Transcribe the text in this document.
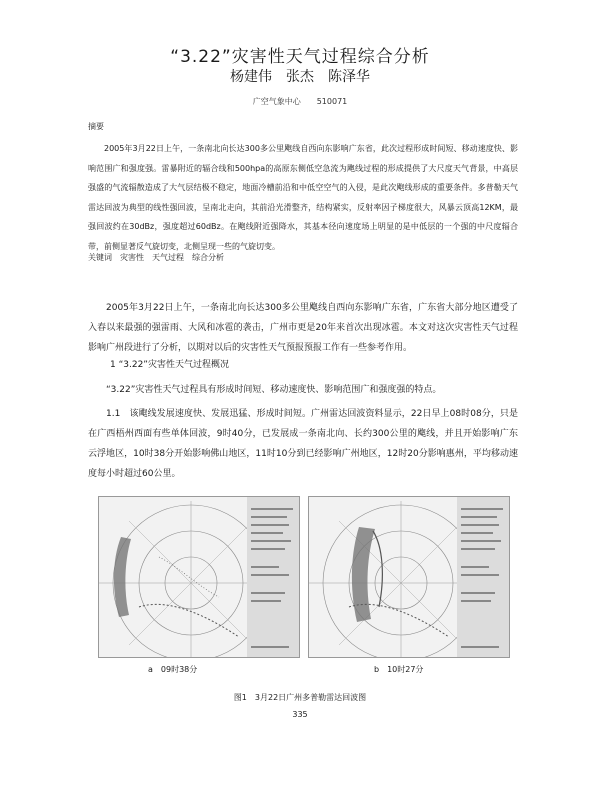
“3.22”灾害性天气过程综合分析
杨建伟　张杰　陈泽华
广空气象中心　　510071
摘要
2005年3月22日上午，一条南北向长达300多公里飑线自西向东影响广东省，此次过程形成时间短、移动速度快、影响范围广和强度强。雷暴附近的辐合线和500hpa的高原东侧低空急流为飑线过程的形成提供了大尺度天气背景，中高层强盛的气流辐散造成了大气层结极不稳定，地面冷槽前沿和中低空空气的入侵，是此次飑线形成的重要条件。多普勒天气雷达回波为典型的线性强回波，呈南北走向，其前沿光滑整齐，结构紧实，反射率因子梯度很大，风暴云顶高12KM，最强回波约在30dBz，强度超过60dBz。在飑线附近强降水，其基本径向速度场上明显的是中低层的一个强的中尺度辐合带，前侧显著反气旋切变，北侧呈现一些的气旋切变。
关键词　灾害性　天气过程　综合分析
2005年3月22日上午，一条南北向长达300多公里飑线自西向东影响广东省，广东省大部分地区遭受了入春以来最强的强雷雨、大风和冰雹的袭击，广州市更是20年来首次出现冰雹。本文对这次灾害性天气过程影响广州段进行了分析，以期对以后的灾害性天气预报预报工作有一些参考作用。
1 “3.22”灾害性天气过程概况
“3.22”灾害性天气过程具有形成时间短、移动速度快、影响范围广和强度强的特点。
1.1　该飑线发展速度快、发展迅猛、形成时间短。广州雷达回波资料显示，22日早上08时08分，只是在广西梧州西面有些单体回波，9时40分，已发展成一条南北向、长约300公里的飑线，并且开始影响广东云浮地区，10时38分开始影响佛山地区，11时10分到已经影响广州地区，12时20分影响惠州，平均移动速度每小时超过60公里。
a　09时38分	b　10时27分
图1　3月22日广州多普勒雷达回波图
335
